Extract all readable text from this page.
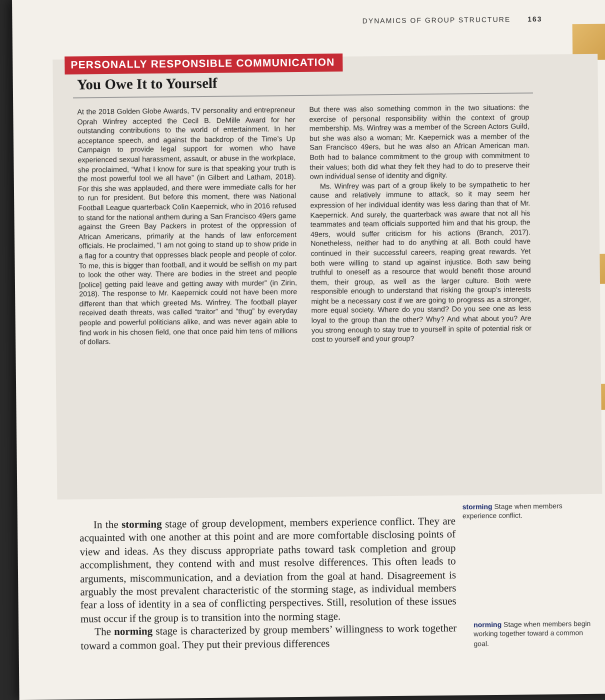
DYNAMICS OF GROUP STRUCTURE 163
PERSONALLY RESPONSIBLE COMMUNICATION
You Owe It to Yourself

At the 2018 Golden Globe Awards, TV personality and entrepreneur Oprah Winfrey accepted the Cecil B. DeMille Award for her outstanding contributions to the world of entertainment. In her acceptance speech, and against the backdrop of the Time’s Up Campaign to provide legal support for women who have experienced sexual harassment, assault, or abuse in the workplace, she proclaimed, “What I know for sure is that speaking your truth is the most powerful tool we all have” (in Gilbert and Latham, 2018). For this she was applauded, and there were immediate calls for her to run for president. But before this moment, there was National Football League quarterback Colin Kaepernick, who in 2016 refused to stand for the national anthem during a San Francisco 49ers game against the Green Bay Packers in protest of the oppression of African Americans, primarily at the hands of law enforcement officials. He proclaimed, “I am not going to stand up to show pride in a flag for a country that oppresses black people and people of color. To me, this is bigger than football, and it would be selfish on my part to look the other way. There are bodies in the street and people [police] getting paid leave and getting away with murder” (in Zirin, 2018). The response to Mr. Kaepernick could not have been more different than that which greeted Ms. Winfrey. The football player received death threats, was called “traitor” and “thug” by everyday people and powerful politicians alike, and was never again able to find work in his chosen field, one that once paid him tens of millions of dollars.

But there was also something common in the two situations: the exercise of personal responsibility within the context of group membership. Ms. Winfrey was a member of the Screen Actors Guild, but she was also a woman; Mr. Kaepernick was a member of the San Francisco 49ers, but he was also an African American man. Both had to balance commitment to the group with commitment to their values; both did what they felt they had to do to preserve their own individual sense of identity and dignity.

Ms. Winfrey was part of a group likely to be sympathetic to her cause and relatively immune to attack, so it may seem her expression of her individual identity was less daring than that of Mr. Kaepernick. And surely, the quarterback was aware that not all his teammates and team officials supported him and that his group, the 49ers, would suffer criticism for his actions (Branch, 2017). Nonetheless, neither had to do anything at all. Both could have continued in their successful careers, reaping great rewards. Yet both were willing to stand up against injustice. Both saw being truthful to oneself as a resource that would benefit those around them, their group, as well as the larger culture. Both were responsible enough to understand that risking the group’s interests might be a necessary cost if we are going to progress as a stronger, more equal society. Where do you stand? Do you see one as less loyal to the group than the other? Why? And what about you? Are you strong enough to stay true to yourself in spite of potential risk or cost to yourself and your group?

In the storming stage of group development, members experience conflict. They are acquainted with one another at this point and are more comfortable disclosing points of view and ideas. As they discuss appropriate paths toward task completion and group accomplishment, they contend with and must resolve differences. This often leads to arguments, miscommunication, and a deviation from the goal at hand. Disagreement is arguably the most prevalent characteristic of the storming stage, as individual members fear a loss of identity in a sea of conflicting perspectives. Still, resolution of these issues must occur if the group is to transition into the norming stage.

The norming stage is characterized by group members’ willingness to work together toward a common goal. They put their previous differences

storming Stage when members experience conflict.
norming Stage when members begin working together toward a common goal.
